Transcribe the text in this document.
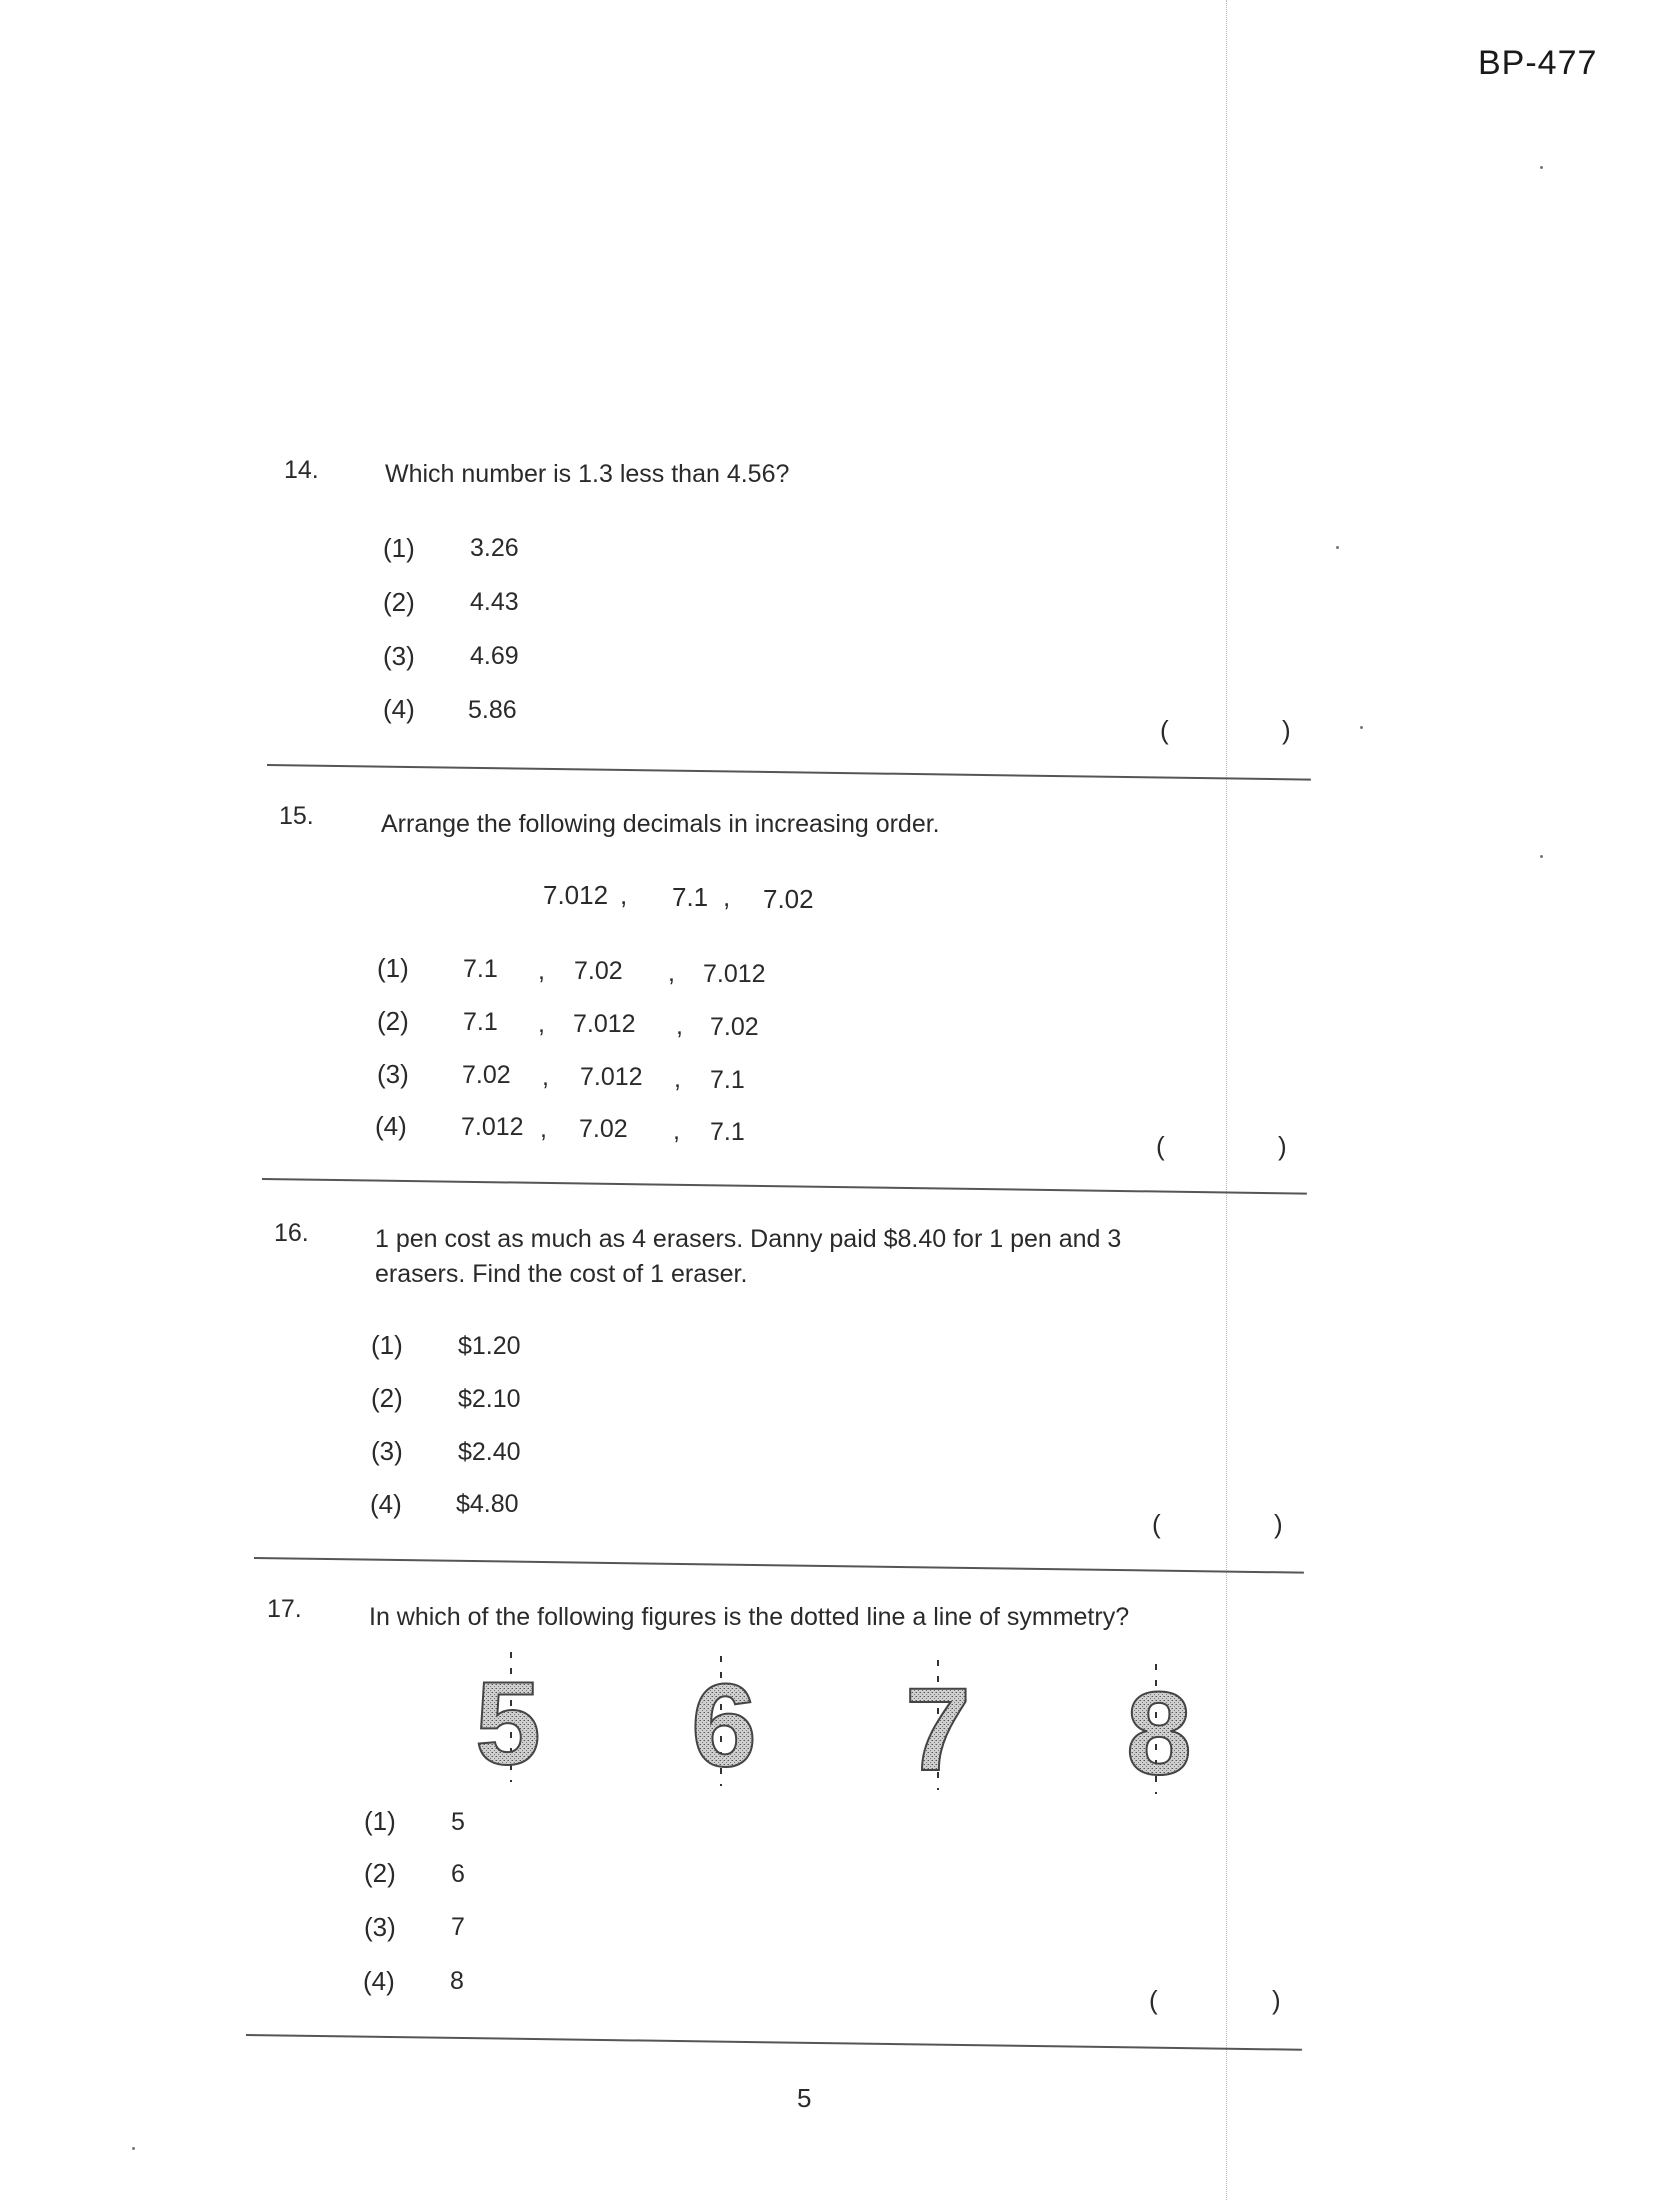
BP-477
14.	Which number is 1.3 less than 4.56?
(1) 3.26
(2) 4.43
(3) 4.69
(4) 5.86
(	)
15.	Arrange the following decimals in increasing order.
7.012 , 7.1 , 7.02
(1) 7.1 , 7.02 , 7.012
(2) 7.1 , 7.012 , 7.02
(3) 7.02 , 7.012 , 7.1
(4) 7.012 , 7.02 , 7.1	(	)
16.	1 pen cost as much as 4 erasers. Danny paid $8.40 for 1 pen and 3
erasers. Find the cost of 1 eraser.
(1) $1.20
(2) $2.10
(3) $2.40
(4) $4.80
(	)
17.	In which of the following figures is the dotted line a line of symmetry?
5 6 7 8
(1) 5
(2) 6
(3) 7
(4) 8
(	)
5
